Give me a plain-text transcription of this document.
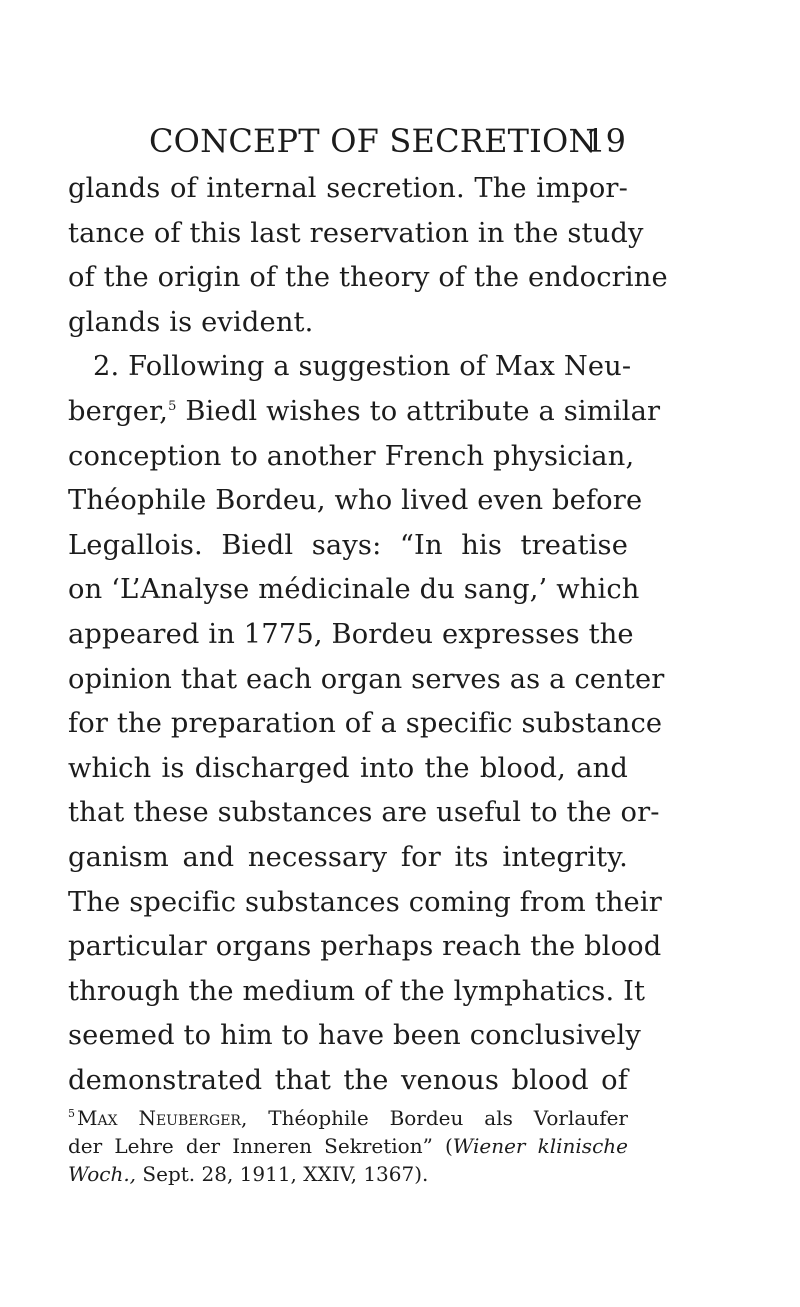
CONCEPT OF SECRETION
19
glands of internal secretion. The impor-
tance of this last reservation in the study
of the origin of the theory of the endocrine
glands is evident.
2. Following a suggestion of Max Neu-
berger,$^5$ Biedl wishes to attribute a similar
conception to another French physician,
Théophile Bordeu, who lived even before
Legallois. Biedl says: “In his treatise
on ‘L’Analyse médicinale du sang,’ which
appeared in 1775, Bordeu expresses the
opinion that each organ serves as a center
for the preparation of a specific substance
which is discharged into the blood, and
that these substances are useful to the or-
ganism and necessary for its integrity.
The specific substances coming from their
particular organs perhaps reach the blood
through the medium of the lymphatics. It
seemed to him to have been conclusively
demonstrated that the venous blood of
$^5$ Max Neuberger, Théophile Bordeu als Vorlaufer
der Lehre der Inneren Sekretion” (Wiener klinische
Woch., Sept. 28, 1911, XXIV, 1367).
